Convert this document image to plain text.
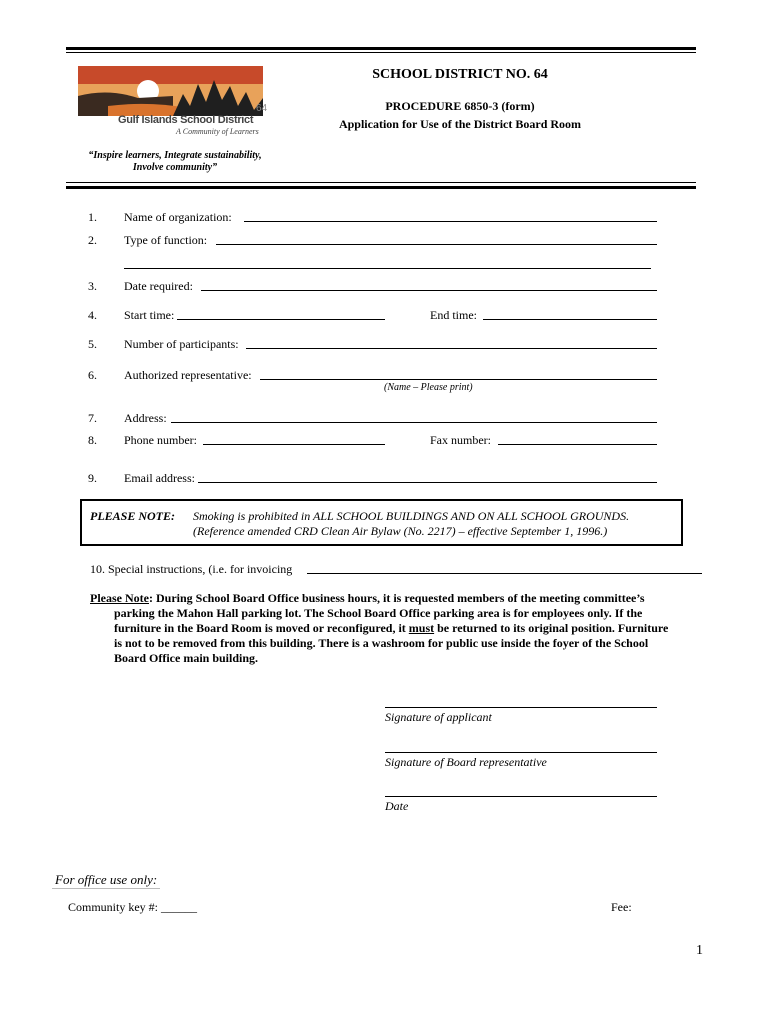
64
Gulf Islands School District
A Community of Learners
SCHOOL DISTRICT NO. 64
PROCEDURE 6850-3 (form)
Application for Use of the District Board Room
“Inspire learners, Integrate sustainability,
Involve community”
1. Name of organization:
2. Type of function:
3. Date required:
4. Start time:	End time:
5. Number of participants:
6. Authorized representative:
(Name – Please print)
7. Address:
8. Phone number:	Fax number:
9. Email address:
PLEASE NOTE: Smoking is prohibited in ALL SCHOOL BUILDINGS AND ON ALL SCHOOL GROUNDS.
(Reference amended CRD Clean Air Bylaw (No. 2217) – effective September 1, 1996.)
10. Special instructions, (i.e. for invoicing
Please Note: During School Board Office business hours, it is requested members of the meeting committee’s
parking the Mahon Hall parking lot. The School Board Office parking area is for employees only. If the
furniture in the Board Room is moved or reconfigured, it must be returned to its original position. Furniture
is not to be removed from this building. There is a washroom for public use inside the foyer of the School
Board Office main building.
Signature of applicant
Signature of Board representative
Date
For office use only:
Community key #: ______	Fee:
1
